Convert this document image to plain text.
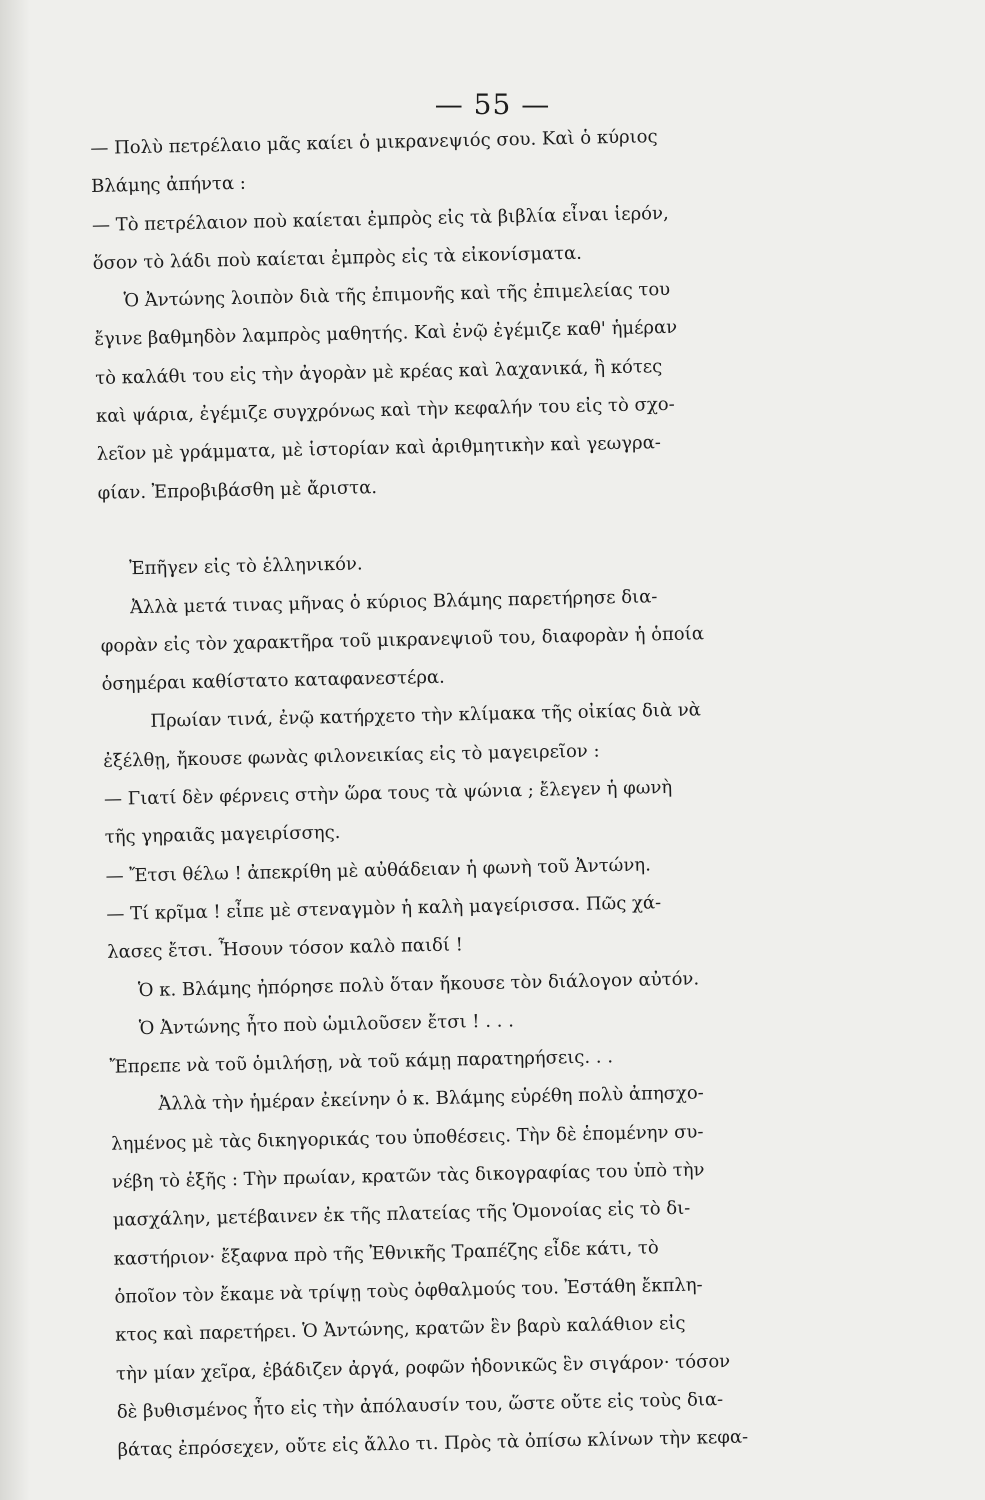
— 55 —
— Πολὺ πετρέλαιο μᾶς καίει ὁ μικρανεψιός σου. Καὶ ὁ κύριος
Βλάμης ἀπήντα :
— Τὸ πετρέλαιον ποὺ καίεται ἐμπρὸς εἰς τὰ βιβλία εἶναι ἱερόν,
ὅσον τὸ λάδι ποὺ καίεται ἐμπρὸς εἰς τὰ εἰκονίσματα.
Ὁ Ἀντώνης λοιπὸν διὰ τῆς ἐπιμονῆς καὶ τῆς ἐπιμελείας του
ἔγινε βαθμηδὸν λαμπρὸς μαθητής. Καὶ ἐνῷ ἐγέμιζε καθ' ἡμέραν
τὸ καλάθι του εἰς τὴν ἀγορὰν μὲ κρέας καὶ λαχανικά, ἢ κότες
καὶ ψάρια, ἐγέμιζε συγχρόνως καὶ τὴν κεφαλήν του εἰς τὸ σχο-
λεῖον μὲ γράμματα, μὲ ἱστορίαν καὶ ἀριθμητικὴν καὶ γεωγρα-
φίαν. Ἐπροβιβάσθη μὲ ἄριστα.
Ἐπῆγεν εἰς τὸ ἑλληνικόν.
Ἀλλὰ μετά τινας μῆνας ὁ κύριος Βλάμης παρετήρησε δια-
φορὰν εἰς τὸν χαρακτῆρα τοῦ μικρανεψιοῦ του, διαφορὰν ἡ ὁποία
ὁσημέραι καθίστατο καταφανεστέρα.
Πρωίαν τινά, ἐνῷ κατήρχετο τὴν κλίμακα τῆς οἰκίας διὰ νὰ
ἐξέλθῃ, ἤκουσε φωνὰς φιλονεικίας εἰς τὸ μαγειρεῖον :
— Γιατί δὲν φέρνεις στὴν ὥρα τους τὰ ψώνια ; ἔλεγεν ἡ φωνὴ
τῆς γηραιᾶς μαγειρίσσης.
— Ἔτσι θέλω ! ἀπεκρίθη μὲ αὐθάδειαν ἡ φωνὴ τοῦ Ἀντώνη.
— Τί κρῖμα ! εἶπε μὲ στεναγμὸν ἡ καλὴ μαγείρισσα. Πῶς χά-
λασες ἔτσι. Ἦσουν τόσον καλὸ παιδί !
Ὁ κ. Βλάμης ἠπόρησε πολὺ ὅταν ἤκουσε τὸν διάλογον αὐτόν.
Ὁ Ἀντώνης ἦτο ποὺ ὡμιλοῦσεν ἔτσι ! . . .
Ἔπρεπε νὰ τοῦ ὁμιλήσῃ, νὰ τοῦ κάμῃ παρατηρήσεις. . .
Ἀλλὰ τὴν ἡμέραν ἐκείνην ὁ κ. Βλάμης εὑρέθη πολὺ ἀπησχο-
λημένος μὲ τὰς δικηγορικάς του ὑποθέσεις. Τὴν δὲ ἑπομένην συ-
νέβη τὸ ἑξῆς : Τὴν πρωίαν, κρατῶν τὰς δικογραφίας του ὑπὸ τὴν
μασχάλην, μετέβαινεν ἐκ τῆς πλατείας τῆς Ὁμονοίας εἰς τὸ δι-
καστήριον· ἔξαφνα πρὸ τῆς Ἐθνικῆς Τραπέζης εἶδε κάτι, τὸ
ὁποῖον τὸν ἔκαμε νὰ τρίψῃ τοὺς ὀφθαλμούς του. Ἐστάθη ἔκπλη-
κτος καὶ παρετήρει. Ὁ Ἀντώνης, κρατῶν ἓν βαρὺ καλάθιον εἰς
τὴν μίαν χεῖρα, ἐβάδιζεν ἀργά, ροφῶν ἡδονικῶς ἓν σιγάρον· τόσον
δὲ βυθισμένος ἦτο εἰς τὴν ἀπόλαυσίν του, ὥστε οὔτε εἰς τοὺς δια-
βάτας ἐπρόσεχεν, οὔτε εἰς ἄλλο τι. Πρὸς τὰ ὀπίσω κλίνων τὴν κεφα-
